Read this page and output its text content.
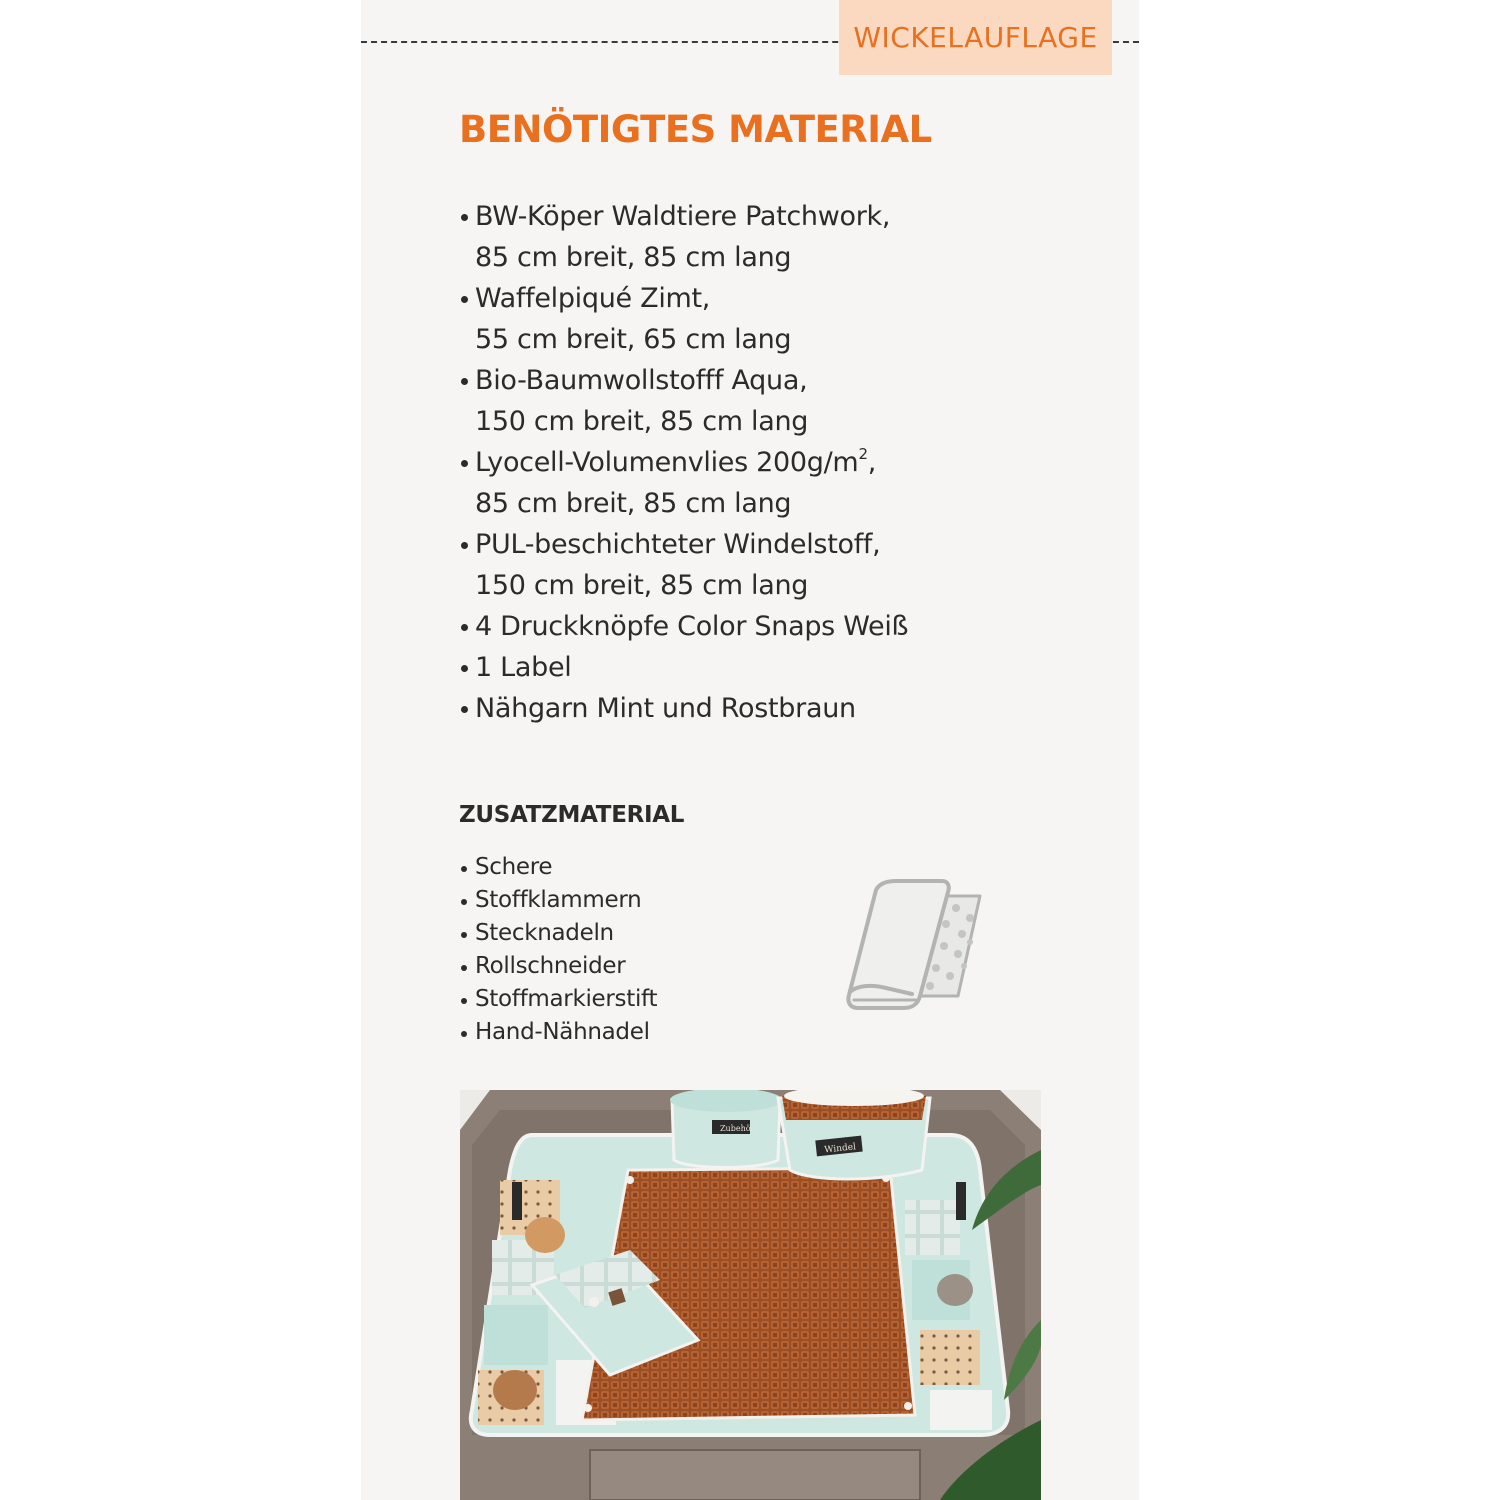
WICKELAUFLAGE
BENÖTIGTES MATERIAL
BW-Köper Waldtiere Patchwork,
85 cm breit, 85 cm lang
Waffelpiqué Zimt,
55 cm breit, 65 cm lang
Bio-Baumwollstofff Aqua,
150 cm breit, 85 cm lang
Lyocell-Volumenvlies $200g/m^2$,
85 cm breit, 85 cm lang
PUL-beschichteter Windelstoff,
150 cm breit, 85 cm lang
4 Druckknöpfe Color Snaps Weiß
1 Label
Nähgarn Mint und Rostbraun
ZUSATZMATERIAL
Schere
Stoffklammern
Stecknadeln
Rollschneider
Stoffmarkierstift
Hand-Nähnadel
Zubehör
Windel
